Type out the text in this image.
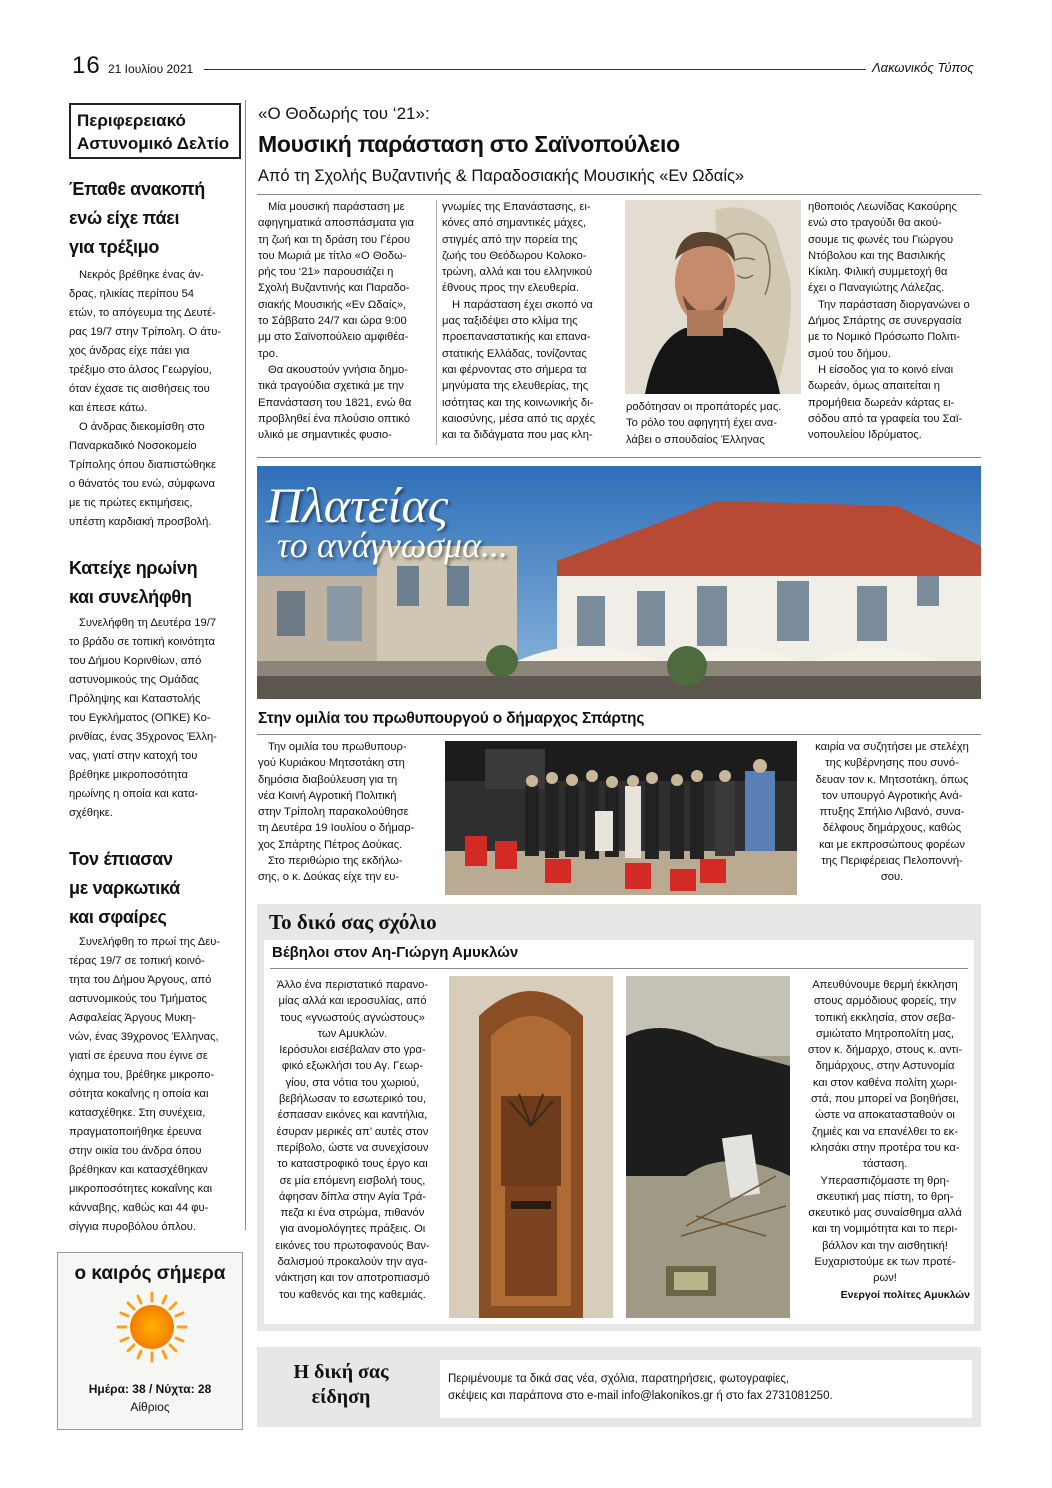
16 21 Ιουλίου 2021	Λακωνικός Τύπος
Περιφερειακό
Αστυνομικό Δελτίο
Έπαθε ανακοπή
ενώ είχε πάει
για τρέξιμο
Νεκρός βρέθηκε ένας άν-
δρας, ηλικίας περίπου 54
ετών, το απόγευμα της Δευτέ-
ρας 19/7 στην Τρίπολη. Ο άτυ-
χος άνδρας είχε πάει για
τρέξιμο στο άλσος Γεωργίου,
όταν έχασε τις αισθήσεις του
και έπεσε κάτω.
Ο άνδρας διεκομίσθη στο
Παναρκαδικό Νοσοκομείο
Τρίπολης όπου διαπιστώθηκε
ο θάνατός του ενώ, σύμφωνα
με τις πρώτες εκτιμήσεις,
υπέστη καρδιακή προσβολή.
Κατείχε ηρωίνη
και συνελήφθη
Συνελήφθη τη Δευτέρα 19/7
το βράδυ σε τοπική κοινότητα
του Δήμου Κορινθίων, από
αστυνομικούς της Ομάδας
Πρόληψης και Καταστολής
του Εγκλήματος (ΟΠΚΕ) Κο-
ρινθίας, ένας 35χρονος Έλλη-
νας, γιατί στην κατοχή του
βρέθηκε μικροποσότητα
ηρωίνης η οποία και κατα-
σχέθηκε.
Τον έπιασαν
με ναρκωτικά
και σφαίρες
Συνελήφθη το πρωί της Δευ-
τέρας 19/7 σε τοπική κοινό-
τητα του Δήμου Άργους, από
αστυνομικούς του Τμήματος
Ασφαλείας Άργους Μυκη-
νών, ένας 39χρονος Έλληνας,
γιατί σε έρευνα που έγινε σε
όχημα του, βρέθηκε μικροπο-
σότητα κοκαΐνης η οποία και
κατασχέθηκε. Στη συνέχεια,
πραγματοποιήθηκε έρευνα
στην οικία του άνδρα όπου
βρέθηκαν και κατασχέθηκαν
μικροποσότητες κοκαΐνης και
κάνναβης, καθώς και 44 φυ-
σίγγια πυροβόλου όπλου.
ο καιρός σήμερα
Ημέρα: 38 / Νύχτα: 28
Αίθριος
«Ο Θοδωρής του ‘21»:
Μουσική παράσταση στο Σαϊνοπούλειο
Από τη Σχολής Βυζαντινής & Παραδοσιακής Μουσικής «Εν Ωδαίς»
Μία μουσική παράσταση με
αφηγηματικά αποσπάσματα για
τη ζωή και τη δράση του Γέρου
του Μωριά με τίτλο «Ο Θοδω-
ρής του ‘21» παρουσιάζει η
Σχολή Βυζαντινής και Παραδο-
σιακής Μουσικής «Εν Ωδαίς»,
το Σάββατο 24/7 και ώρα 9:00
μμ στο Σαϊνοπούλειο αμφιθέα-
τρο.
Θα ακουστούν γνήσια δημο-
τικά τραγούδια σχετικά με την
Επανάσταση του 1821, ενώ θα
προβληθεί ένα πλούσιο οπτικό
υλικό με σημαντικές φυσιο-
γνωμίες της Επανάστασης, ει-
κόνες από σημαντικές μάχες,
στιγμές από την πορεία της
ζωής του Θεόδωρου Κολοκο-
τρώνη, αλλά και του ελληνικού
έθνους προς την ελευθερία.
Η παράσταση έχει σκοπό να
μας ταξιδέψει στο κλίμα της
προεπαναστατικής και επανα-
στατικής Ελλάδας, τονίζοντας
και φέρνοντας στο σήμερα τα
μηνύματα της ελευθερίας, της
ισότητας και της κοινωνικής δι-
καιοσύνης, μέσα από τις αρχές
και τα διδάγματα που μας κλη-
ροδότησαν οι προπάτορές μας.
Το ρόλο του αφηγητή έχει ανα-
λάβει ο σπουδαίος Έλληνας
ηθοποιός Λεωνίδας Κακούρης
ενώ στο τραγούδι θα ακού-
σουμε τις φωνές του Γιώργου
Ντόβολου και της Βασιλικής
Κίκιλη. Φιλική συμμετοχή θα
έχει ο Παναγιώτης Λάλεζας.
Την παράσταση διοργανώνει ο
Δήμος Σπάρτης σε συνεργασία
με το Νομικό Πρόσωπο Πολιτι-
σμού του δήμου.
Η είσοδος για το κοινό είναι
δωρεάν, όμως απαιτείται η
προμήθεια δωρεάν κάρτας ει-
σόδου από τα γραφεία του Σαϊ-
νοπουλείου Ιδρύματος.
Πλατείας
το ανάγνωσμα...
Στην ομιλία του πρωθυπουργού ο δήμαρχος Σπάρτης
Την ομιλία του πρωθυπουρ-
γού Κυριάκου Μητσοτάκη στη
δημόσια διαβούλευση για τη
νέα Κοινή Αγροτική Πολιτική
στην Τρίπολη παρακολούθησε
τη Δευτέρα 19 Ιουλίου ο δήμαρ-
χος Σπάρτης Πέτρος Δούκας.
Στο περιθώριο της εκδήλω-
σης, ο κ. Δούκας είχε την ευ-
καιρία να συζητήσει με στελέχη
της κυβέρνησης που συνό-
δευαν τον κ. Μητσοτάκη, όπως
τον υπουργό Αγροτικής Ανά-
πτυξης Σπήλιο Λιβανό, συνα-
δέλφους δημάρχους, καθώς
και με εκπροσώπους φορέων
της Περιφέρειας Πελοποννή-
σου.
Το δικό σας σχόλιο
Βέβηλοι στον Αη-Γιώργη Αμυκλών
Άλλο ένα περιστατικό παρανο-
μίας αλλά και ιεροσυλίας, από
τους «γνωστούς αγνώστους»
των Αμυκλών.
Ιερόσυλοι εισέβαλαν στο γρα-
φικό εξωκλήσι του Αγ. Γεωρ-
γίου, στα νότια του χωριού,
βεβήλωσαν το εσωτερικό του,
έσπασαν εικόνες και καντήλια,
έσυραν μερικές απ’ αυτές στον
περίβολο, ώστε να συνεχίσουν
το καταστροφικό τους έργο και
σε μία επόμενη εισβολή τους,
άφησαν δίπλα στην Αγία Τρά-
πεζα κι ένα στρώμα, πιθανόν
για ανομολόγητες πράξεις. Οι
εικόνες του πρωτοφανούς Βαν-
δαλισμού προκαλούν την αγα-
νάκτηση και τον αποτροπιασμό
του καθενός και της καθεμιάς.
Απευθύνουμε θερμή έκκληση
στους αρμόδιους φορείς, την
τοπική εκκλησία, στον σεβα-
σμιώτατο Μητροπολίτη μας,
στον κ. δήμαρχο, στους κ. αντι-
δημάρχους, στην Αστυνομία
και στον καθένα πολίτη χωρι-
στά, που μπορεί να βοηθήσει,
ώστε να αποκατασταθούν οι
ζημιές και να επανέλθει το εκ-
κλησάκι στην προτέρα του κα-
τάσταση.
Υπερασπιζόμαστε τη θρη-
σκευτική μας πίστη, το θρη-
σκευτικό μας συναίσθημα αλλά
και τη νομιμότητα και το περι-
βάλλον και την αισθητική!
Ευχαριστούμε εκ των προτέ-
ρων!
Ενεργοί πολίτες Αμυκλών
Η δική σας
είδηση
Περιμένουμε τα δικά σας νέα, σχόλια, παρατηρήσεις, φωτογραφίες,
σκέψεις και παράπονα στο e-mail info@lakonikos.gr ή στο fax 2731081250.
